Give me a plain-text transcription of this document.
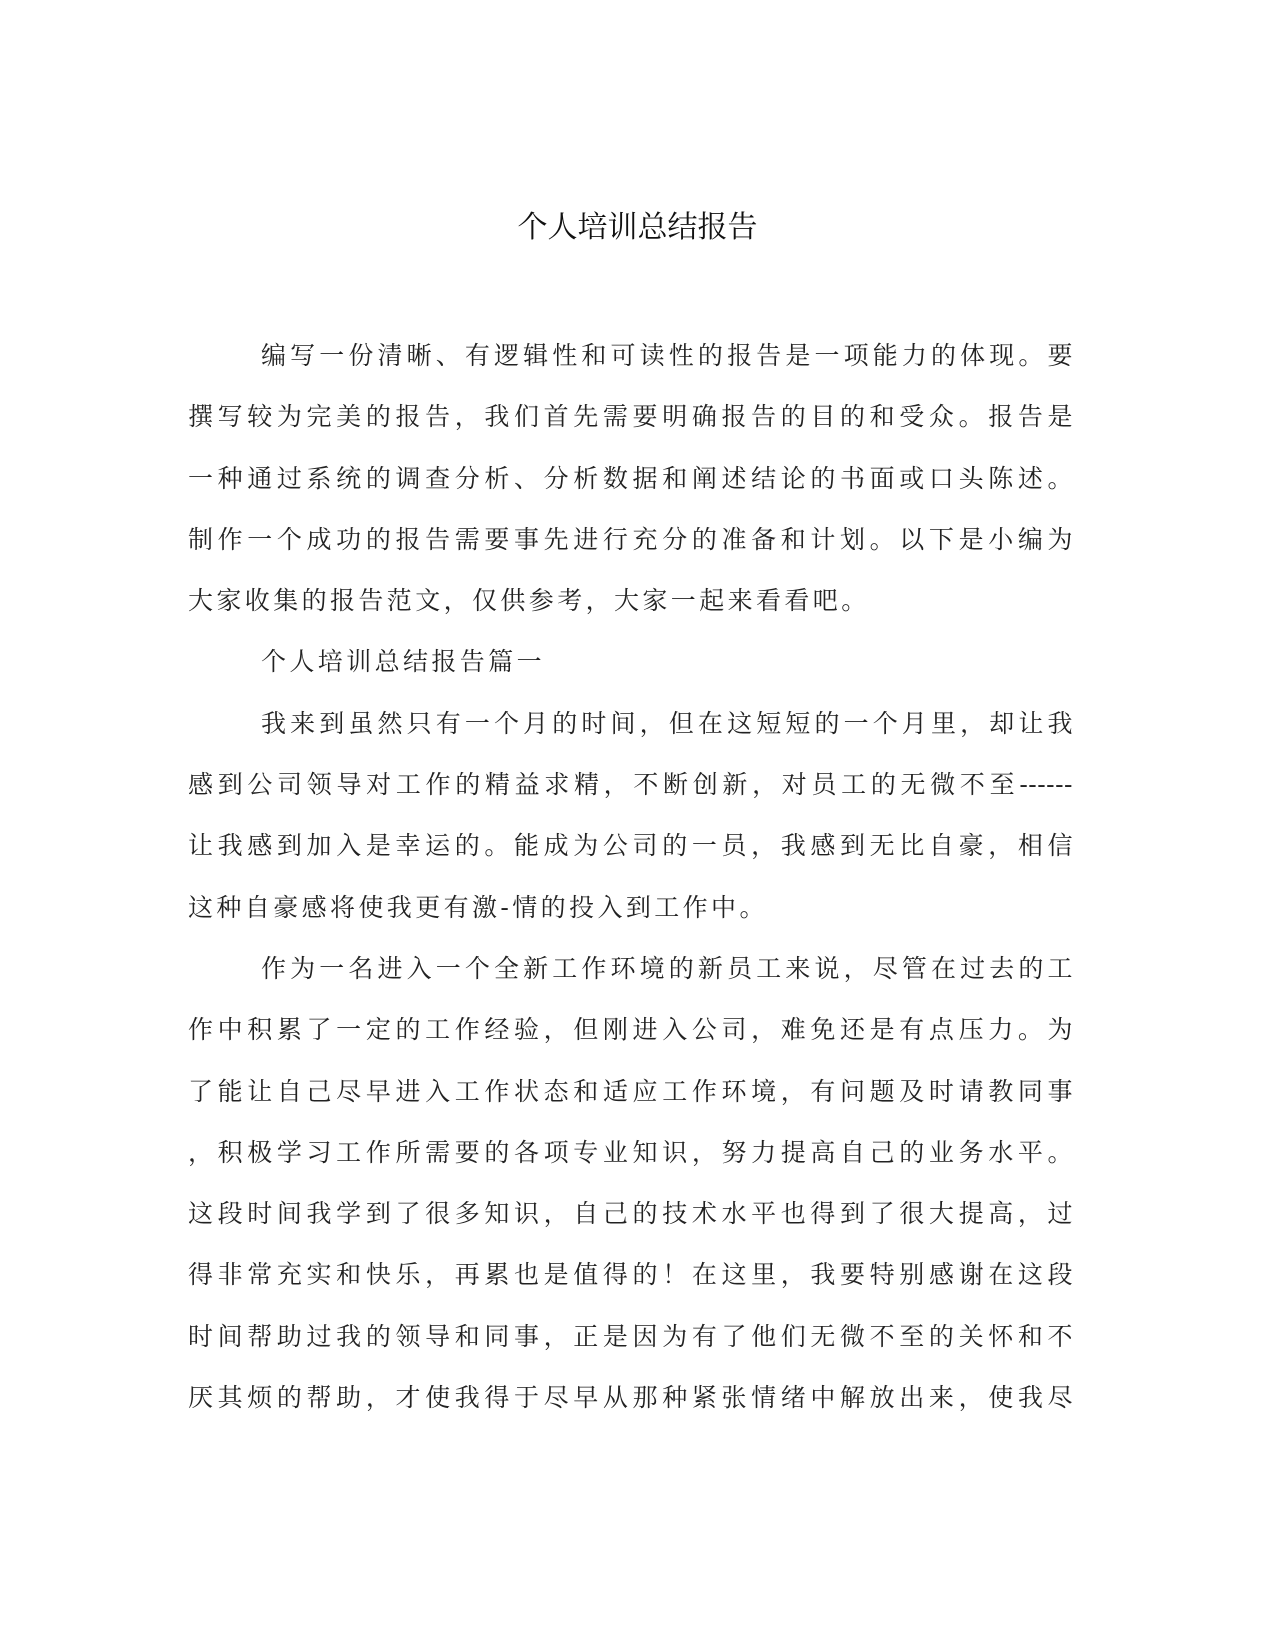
个人培训总结报告
编写一份清晰、有逻辑性和可读性的报告是一项能力的体现。要
撰写较为完美的报告，我们首先需要明确报告的目的和受众。报告是
一种通过系统的调查分析、分析数据和阐述结论的书面或口头陈述。
制作一个成功的报告需要事先进行充分的准备和计划。以下是小编为
大家收集的报告范文，仅供参考，大家一起来看看吧。
个人培训总结报告篇一
我来到虽然只有一个月的时间，但在这短短的一个月里，却让我
感到公司领导对工作的精益求精，不断创新，对员工的无微不至------
让我感到加入是幸运的。能成为公司的一员，我感到无比自豪，相信
这种自豪感将使我更有激-情的投入到工作中。
作为一名进入一个全新工作环境的新员工来说，尽管在过去的工
作中积累了一定的工作经验，但刚进入公司，难免还是有点压力。为
了能让自己尽早进入工作状态和适应工作环境，有问题及时请教同事
，积极学习工作所需要的各项专业知识，努力提高自己的业务水平。
这段时间我学到了很多知识，自己的技术水平也得到了很大提高，过
得非常充实和快乐，再累也是值得的！在这里，我要特别感谢在这段
时间帮助过我的领导和同事，正是因为有了他们无微不至的关怀和不
厌其烦的帮助，才使我得于尽早从那种紧张情绪中解放出来，使我尽
